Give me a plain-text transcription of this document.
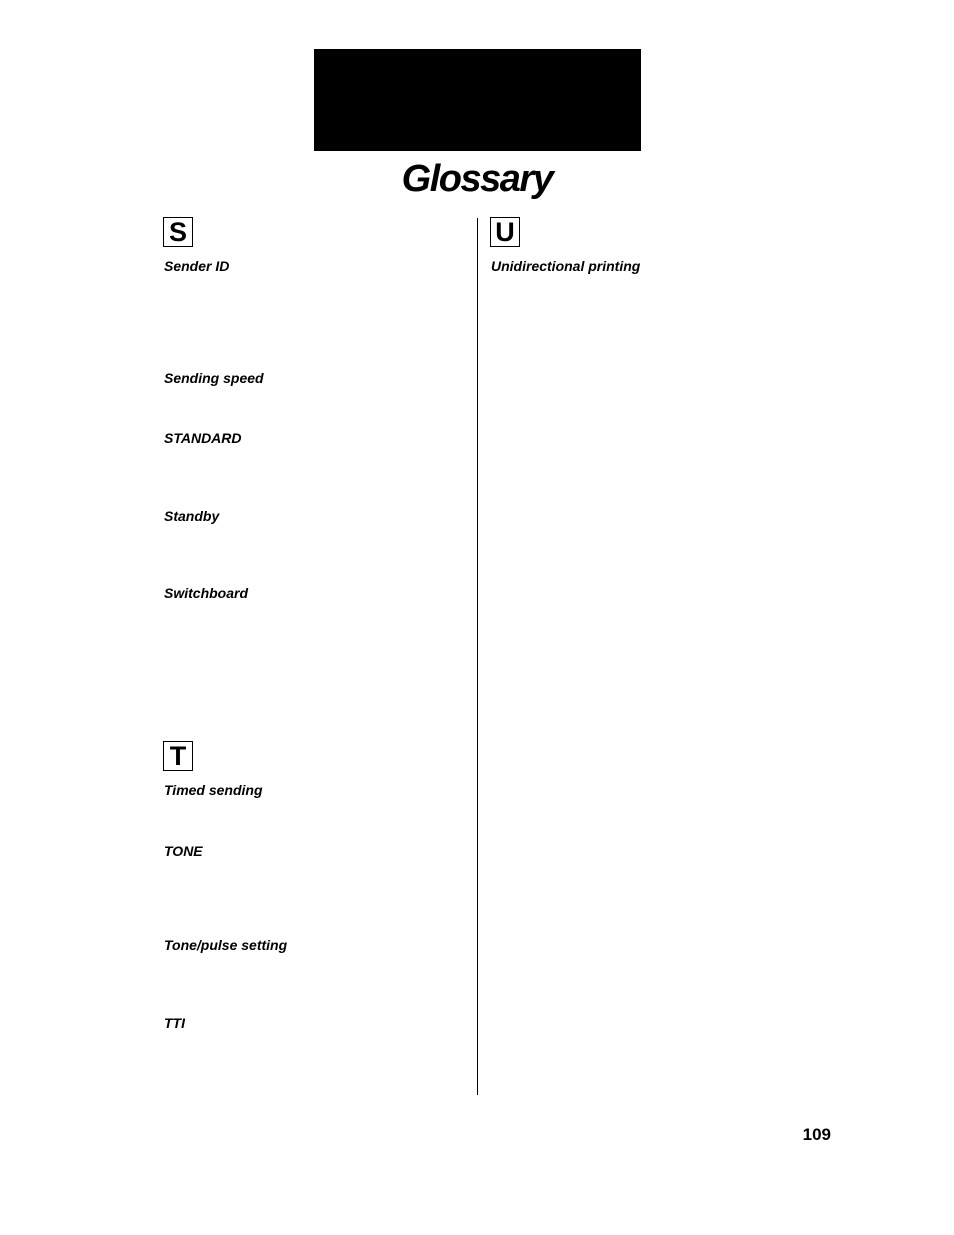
Glossary
S

Sender ID

Sending speed

STANDARD

Standby

Switchboard

T

Timed sending

TONE

Tone/pulse setting

TTI

U

Unidirectional printing

109
